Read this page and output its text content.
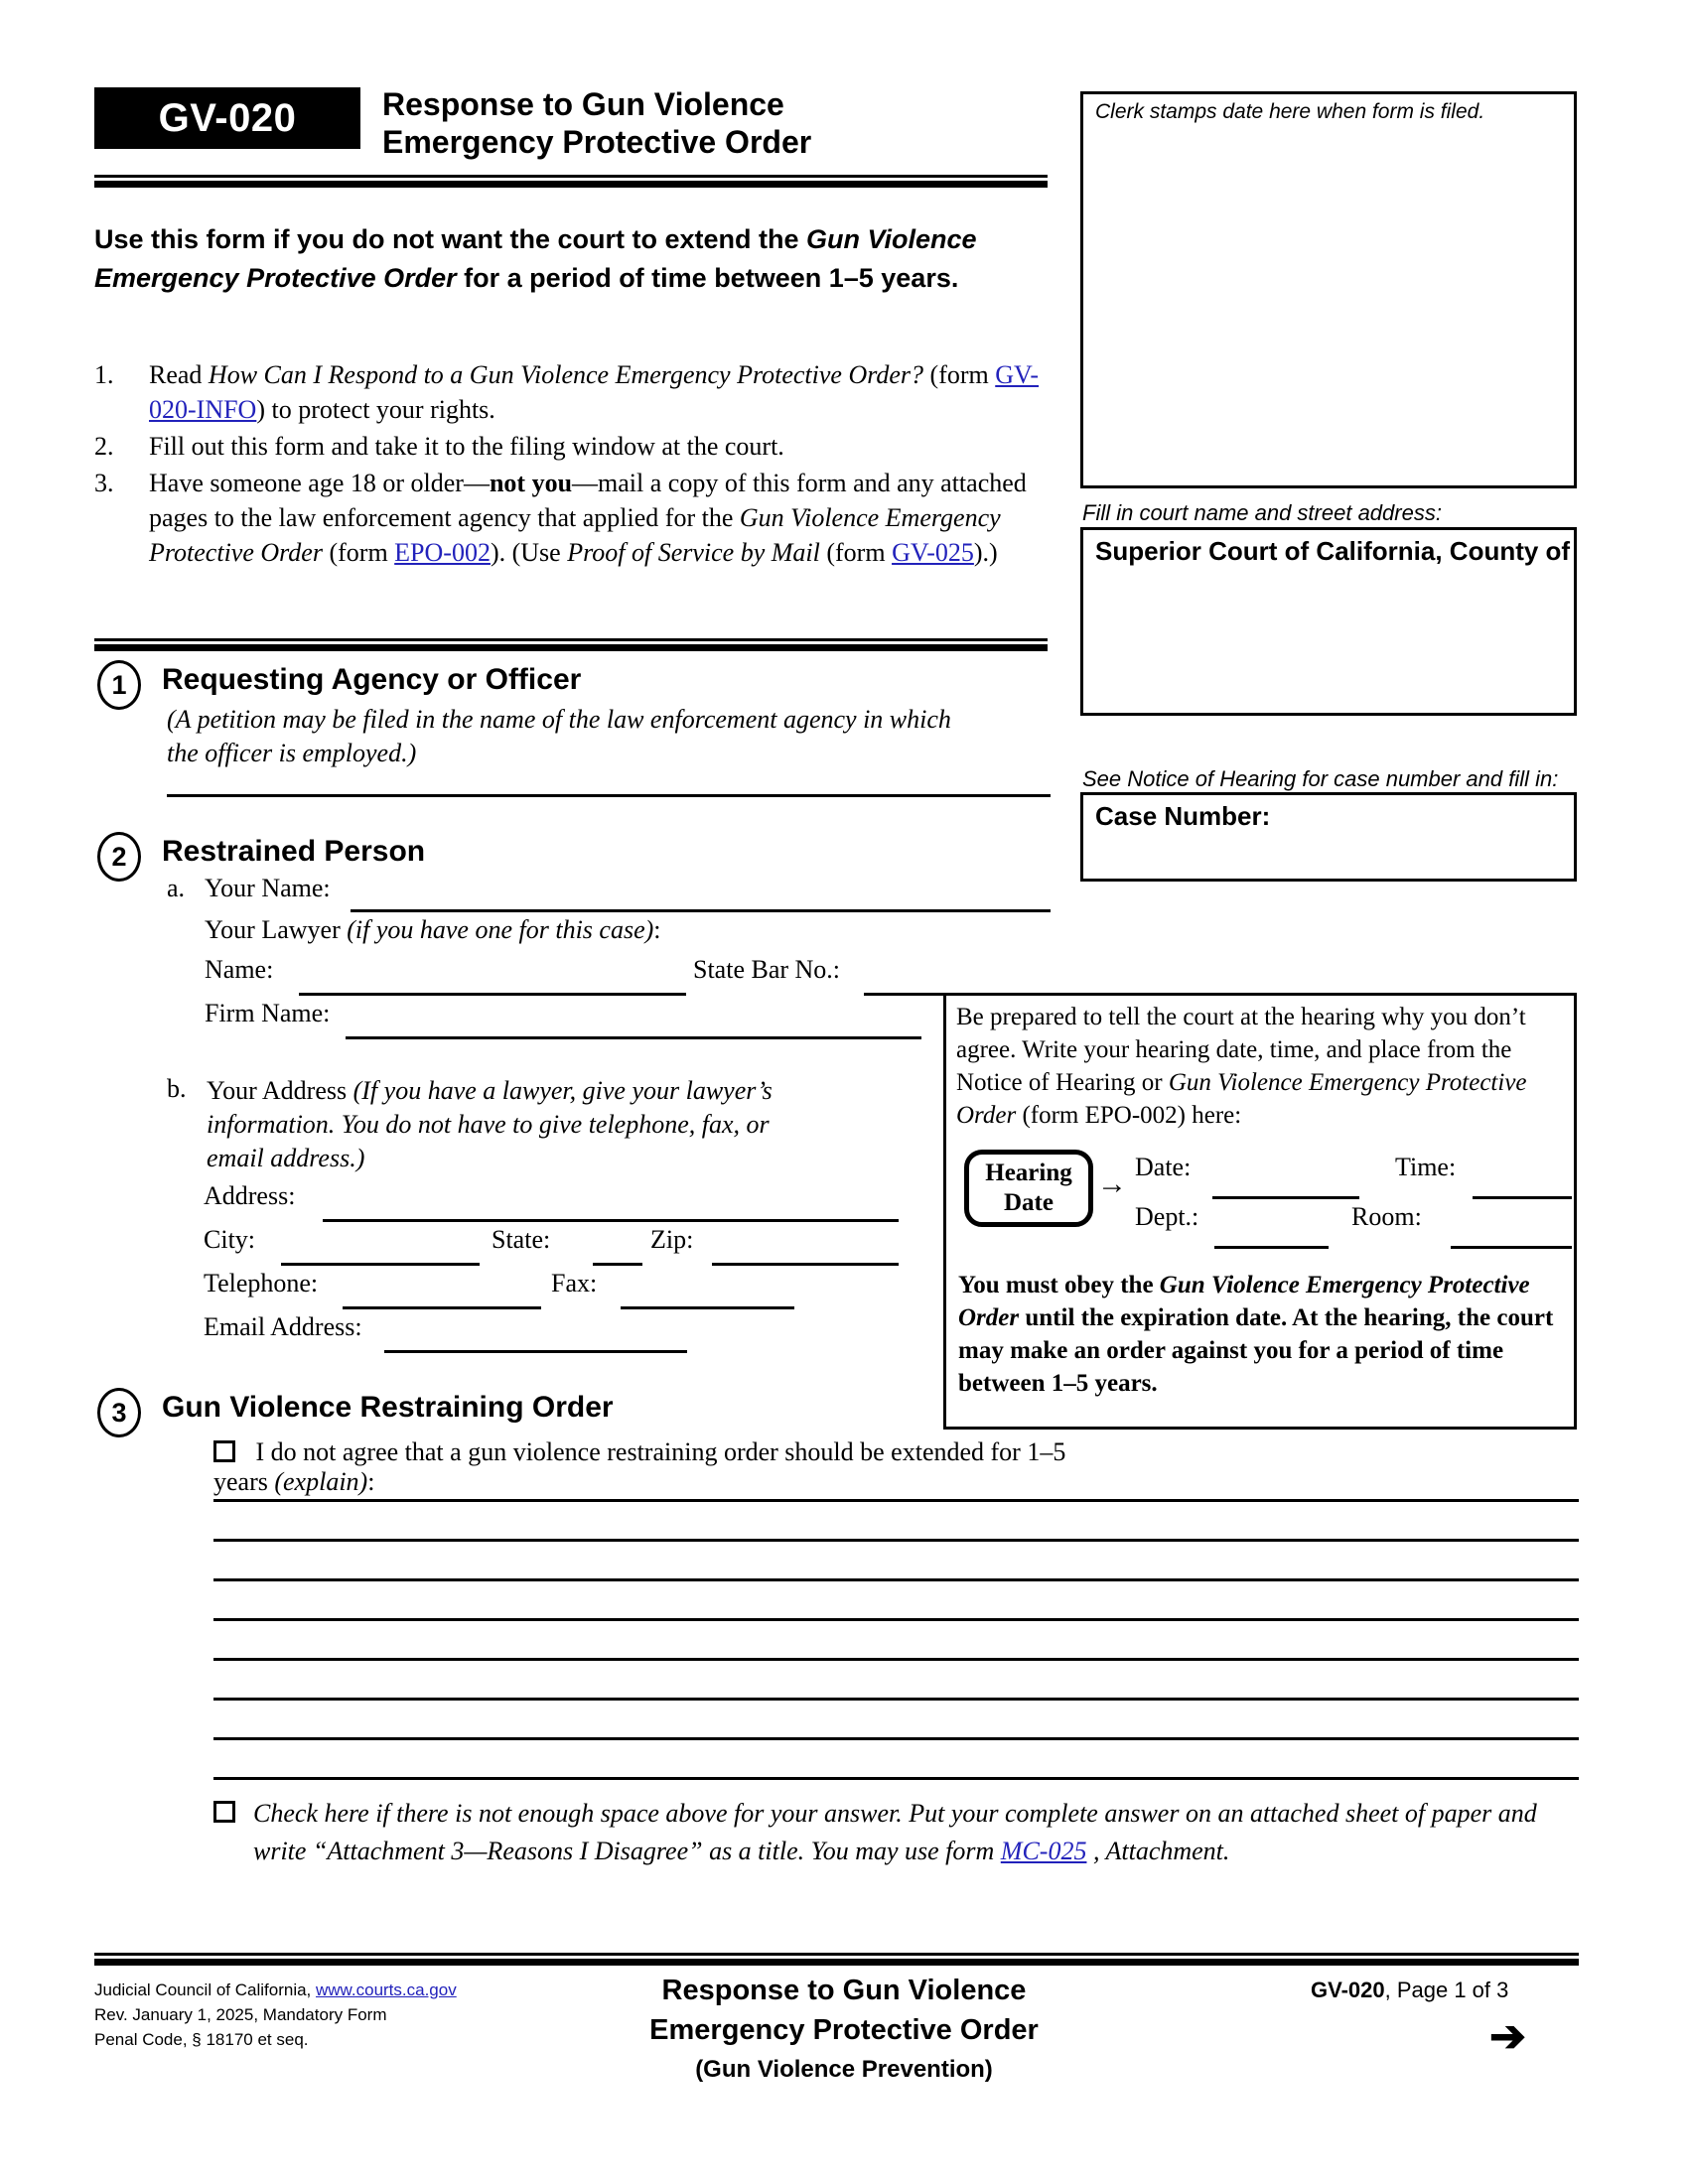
GV-020	Response to Gun Violence
Emergency Protective Order
Use this form if you do not want the court to extend the Gun Violence Emergency Protective Order for a period of time between 1–5 years.
1.	Read How Can I Respond to a Gun Violence Emergency Protective Order? (form GV-020-INFO) to protect your rights.
2.	Fill out this form and take it to the filing window at the court.
3.	Have someone age 18 or older—not you—mail a copy of this form and any attached pages to the law enforcement agency that applied for the Gun Violence Emergency Protective Order (form EPO-002). (Use Proof of Service by Mail (form GV-025).)
Clerk stamps date here when form is filed.
Fill in court name and street address:
Superior Court of California, County of
See Notice of Hearing for case number and fill in:
Case Number:
1	Requesting Agency or Officer
(A petition may be filed in the name of the law enforcement agency in which the officer is employed.)
2	Restrained Person
a. Your Name:
Your Lawyer (if you have one for this case):
Name:	State Bar No.:
Firm Name:
b. Your Address (If you have a lawyer, give your lawyer’s information. You do not have to give telephone, fax, or email address.)
Address:
City:	State:	Zip:
Telephone:	Fax:
Email Address:
Be prepared to tell the court at the hearing why you don’t agree. Write your hearing date, time, and place from the Notice of Hearing or Gun Violence Emergency Protective Order (form EPO-002) here:
Hearing
Date
→
Date:	Time:
Dept.:	Room:
You must obey the Gun Violence Emergency Protective Order until the expiration date. At the hearing, the court may make an order against you for a period of time between 1–5 years.
3	Gun Violence Restraining Order
I do not agree that a gun violence restraining order should be extended for 1–5 years (explain):
Check here if there is not enough space above for your answer. Put your complete answer on an attached sheet of paper and write “Attachment 3—Reasons I Disagree” as a title. You may use form MC-025 , Attachment.
Judicial Council of California, www.courts.ca.gov
Rev. January 1, 2025, Mandatory Form
Penal Code, § 18170 et seq.
Response to Gun Violence
Emergency Protective Order
(Gun Violence Prevention)
GV-020, Page 1 of 3
➔
